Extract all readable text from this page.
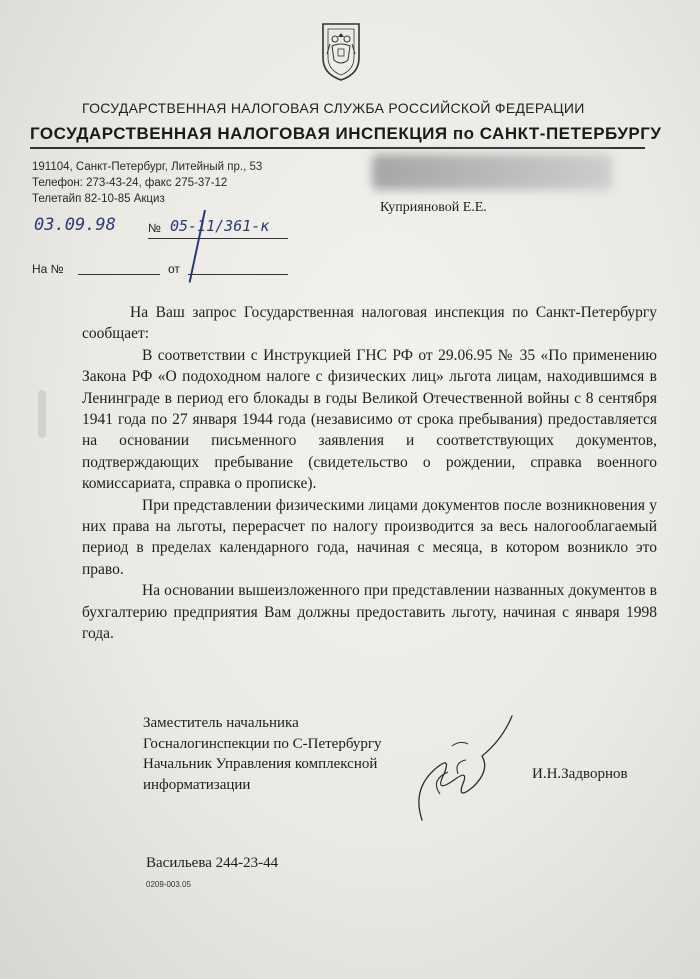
ГОСУДАРСТВЕННАЯ НАЛОГОВАЯ СЛУЖБА РОССИЙСКОЙ ФЕДЕРАЦИИ
ГОСУДАРСТВЕННАЯ НАЛОГОВАЯ ИНСПЕКЦИЯ по САНКТ-ПЕТЕРБУРГУ
191104, Санкт-Петербург, Литейный пр., 53
Телефон: 273-43-24, факс 275-37-12
Телетайп 82-10-85 Акциз
Куприяновой Е.Е.
03.09.98	№ 05-11/361-к
На №	от

На Ваш запрос Государственная налоговая инспекция по Санкт-Петербургу сообщает:

В соответствии с Инструкцией ГНС РФ от 29.06.95 № 35 «По применению Закона РФ «О подоходном налоге с физических лиц» льгота лицам, находившимся в Ленинграде в период его блокады в годы Великой Отечественной войны с 8 сентября 1941 года по 27 января 1944 года (независимо от срока пребывания) предоставляется на основании письменного заявления и соответствующих документов, подтверждающих пребывание (свидетельство о рождении, справка военного комиссариата, справка о прописке).

При представлении физическими лицами документов после возникновения у них права на льготы, перерасчет по налогу производится за весь налогооблагаемый период в пределах календарного года, начиная с месяца, в котором возникло это право.

На основании вышеизложенного при представлении названных документов в бухгалтерию предприятия Вам должны предоставить льготу, начиная с января 1998 года.

Заместитель начальника
Госналогинспекции по С-Петербургу
Начальник Управления комплексной
информатизации
И.Н.Задворнов
Васильева 244-23-44
0209-003.05
